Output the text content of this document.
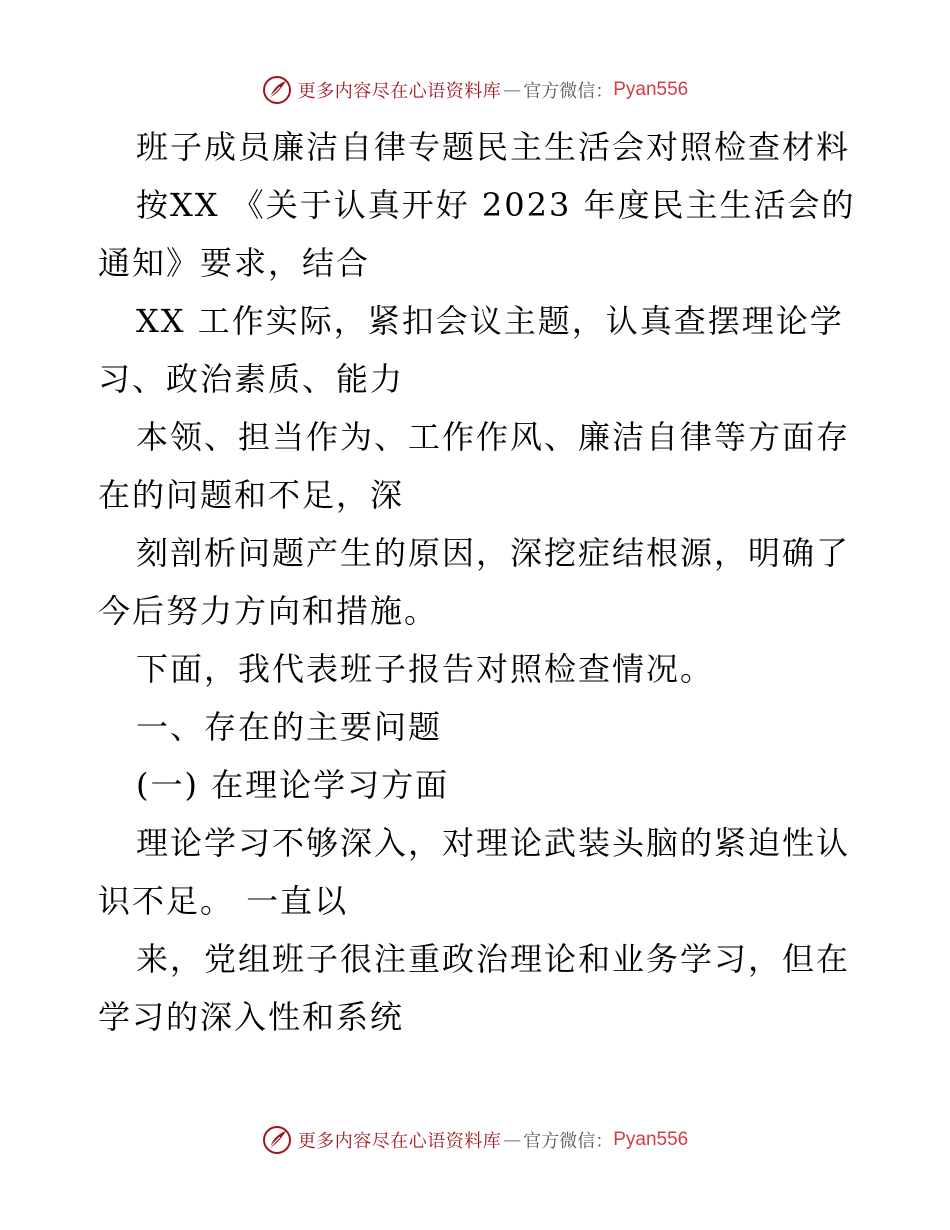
更多内容尽在心语资料库 — 官方微信： Pyan556
班子成员廉洁自律专题民主生活会对照检查材料
按XX 《关于认真开好 2023 年度民主生活会的
通知》要求，结合
XX 工作实际，紧扣会议主题，认真查摆理论学
习、政治素质、能力
本领、担当作为、工作作风、廉洁自律等方面存
在的问题和不足，深
刻剖析问题产生的原因，深挖症结根源，明确了
今后努力方向和措施。
下面，我代表班子报告对照检查情况。
一、存在的主要问题
(一) 在理论学习方面
理论学习不够深入，对理论武装头脑的紧迫性认
识不足。 一直以
来，党组班子很注重政治理论和业务学习，但在
学习的深入性和系统
更多内容尽在心语资料库 — 官方微信： Pyan556
